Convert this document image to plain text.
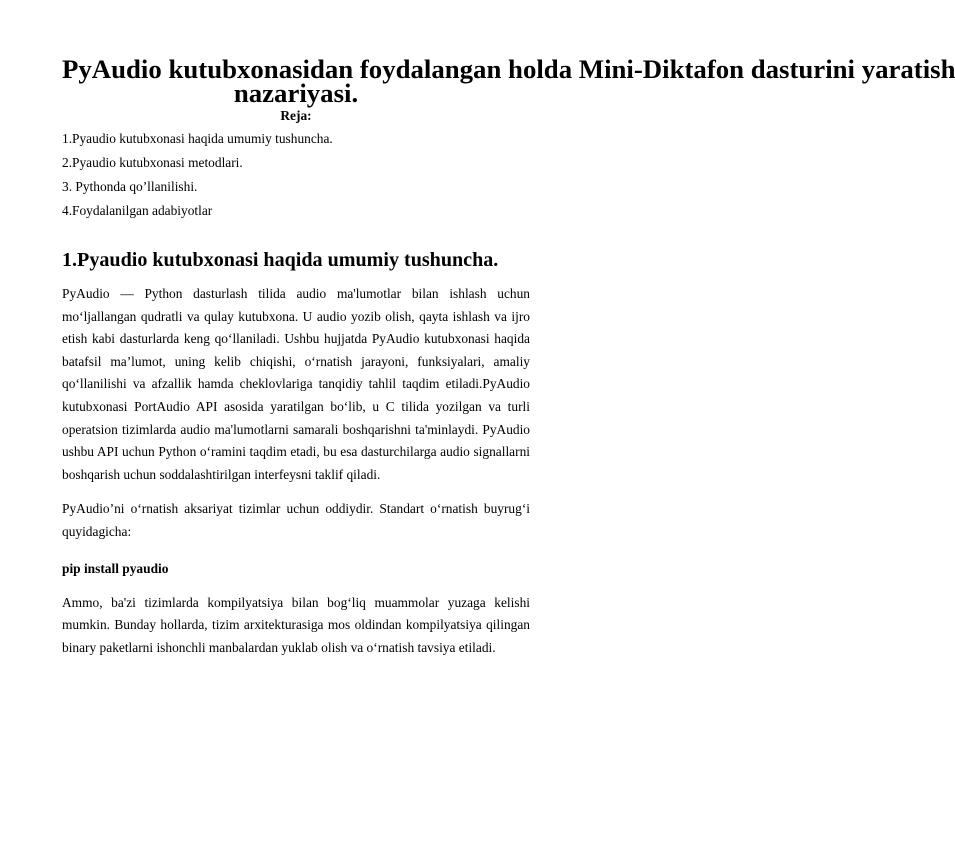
PyAudio kutubxonasidan foydalangan holda Mini-Diktafon dasturini yaratish
nazariyasi.

Reja:

1.Pyaudio kutubxonasi haqida umumiy tushuncha.
2.Pyaudio kutubxonasi metodlari.
3. Pythonda qo’llanilishi.
4.Foydalanilgan adabiyotlar
1.Pyaudio kutubxonasi haqida umumiy tushuncha.

PyAudio — Python dasturlash tilida audio ma'lumotlar bilan ishlash uchun mo‘ljallangan qudratli va qulay kutubxona. U audio yozib olish, qayta ishlash va ijro etish kabi dasturlarda keng qo‘llaniladi. Ushbu hujjatda PyAudio kutubxonasi haqida batafsil ma’lumot, uning kelib chiqishi, o‘rnatish jarayoni, funksiyalari, amaliy qo‘llanilishi va afzallik hamda cheklovlariga tanqidiy tahlil taqdim etiladi.PyAudio kutubxonasi PortAudio API asosida yaratilgan bo‘lib, u C tilida yozilgan va turli operatsion tizimlarda audio ma'lumotlarni samarali boshqarishni ta'minlaydi. PyAudio ushbu API uchun Python o‘ramini taqdim etadi, bu esa dasturchilarga audio signallarni boshqarish uchun soddalashtirilgan interfeysni taklif qiladi.

PyAudio’ni o‘rnatish aksariyat tizimlar uchun oddiydir. Standart o‘rnatish buyrug‘i quyidagicha:

pip install pyaudio

Ammo, ba'zi tizimlarda kompilyatsiya bilan bog‘liq muammolar yuzaga kelishi mumkin. Bunday hollarda, tizim arxitekturasiga mos oldindan kompilyatsiya qilingan binary paketlarni ishonchli manbalardan yuklab olish va o‘rnatish tavsiya etiladi.
